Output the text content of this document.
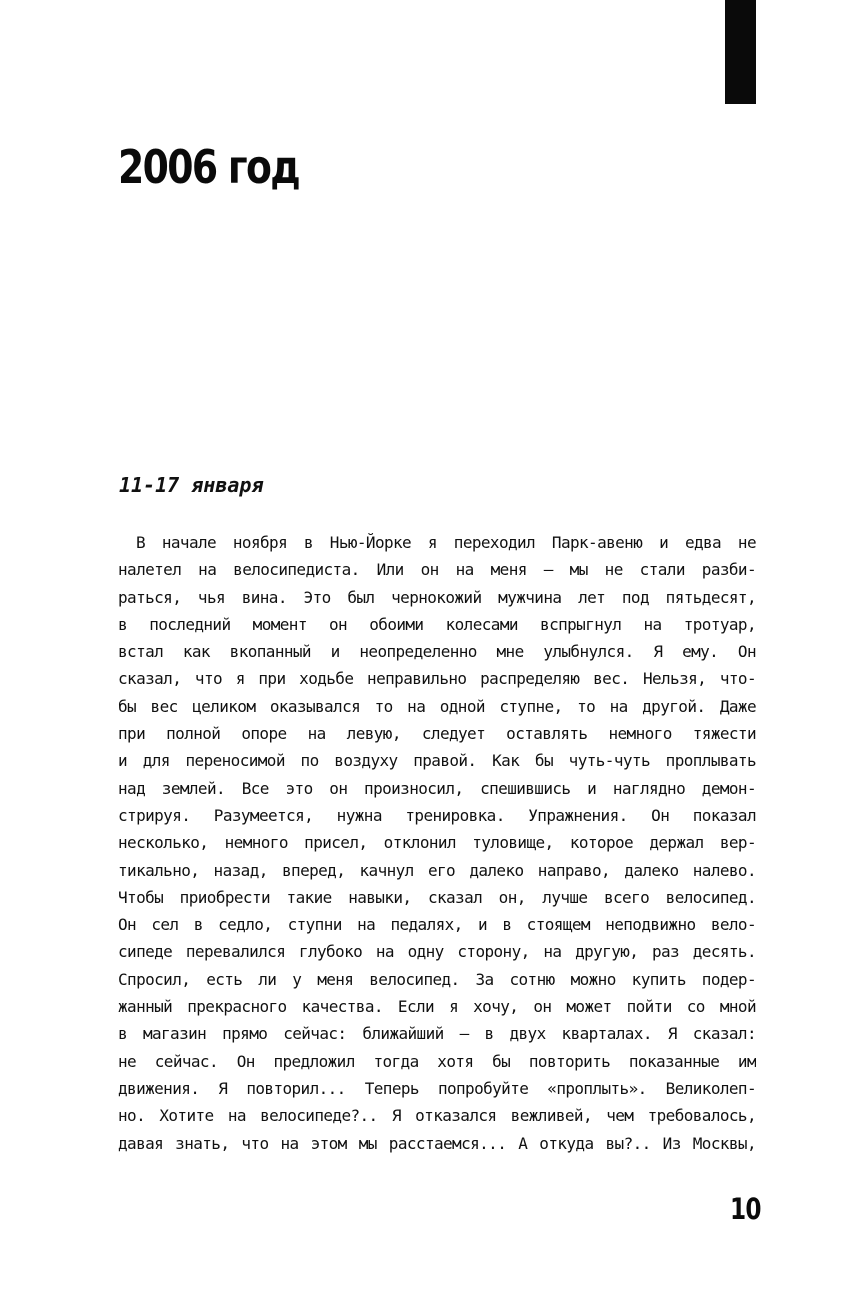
2006 год
11-17 января
В начале ноября в Нью-Йорке я переходил Парк-авеню и едва не
налетел на велосипедиста. Или он на меня — мы не стали разби-
раться, чья вина. Это был чернокожий мужчина лет под пятьдесят,
в последний момент он обоими колесами вспрыгнул на тротуар,
встал как вкопанный и неопределенно мне улыбнулся. Я ему. Он
сказал, что я при ходьбе неправильно распределяю вес. Нельзя, что-
бы вес целиком оказывался то на одной ступне, то на другой. Даже
при полной опоре на левую, следует оставлять немного тяжести
и для переносимой по воздуху правой. Как бы чуть-чуть проплывать
над землей. Все это он произносил, спешившись и наглядно демон-
стрируя. Разумеется, нужна тренировка. Упражнения. Он показал
несколько, немного присел, отклонил туловище, которое держал вер-
тикально, назад, вперед, качнул его далеко направо, далеко налево.
Чтобы приобрести такие навыки, сказал он, лучше всего велосипед.
Он сел в седло, ступни на педалях, и в стоящем неподвижно вело-
сипеде перевалился глубоко на одну сторону, на другую, раз десять.
Спросил, есть ли у меня велосипед. За сотню можно купить подер-
жанный прекрасного качества. Если я хочу, он может пойти со мной
в магазин прямо сейчас: ближайший — в двух кварталах. Я сказал:
не сейчас. Он предложил тогда хотя бы повторить показанные им
движения. Я повторил... Теперь попробуйте «проплыть». Великолеп-
но. Хотите на велосипеде?.. Я отказался вежливей, чем требовалось,
давая знать, что на этом мы расстаемся... А откуда вы?.. Из Москвы,
10
